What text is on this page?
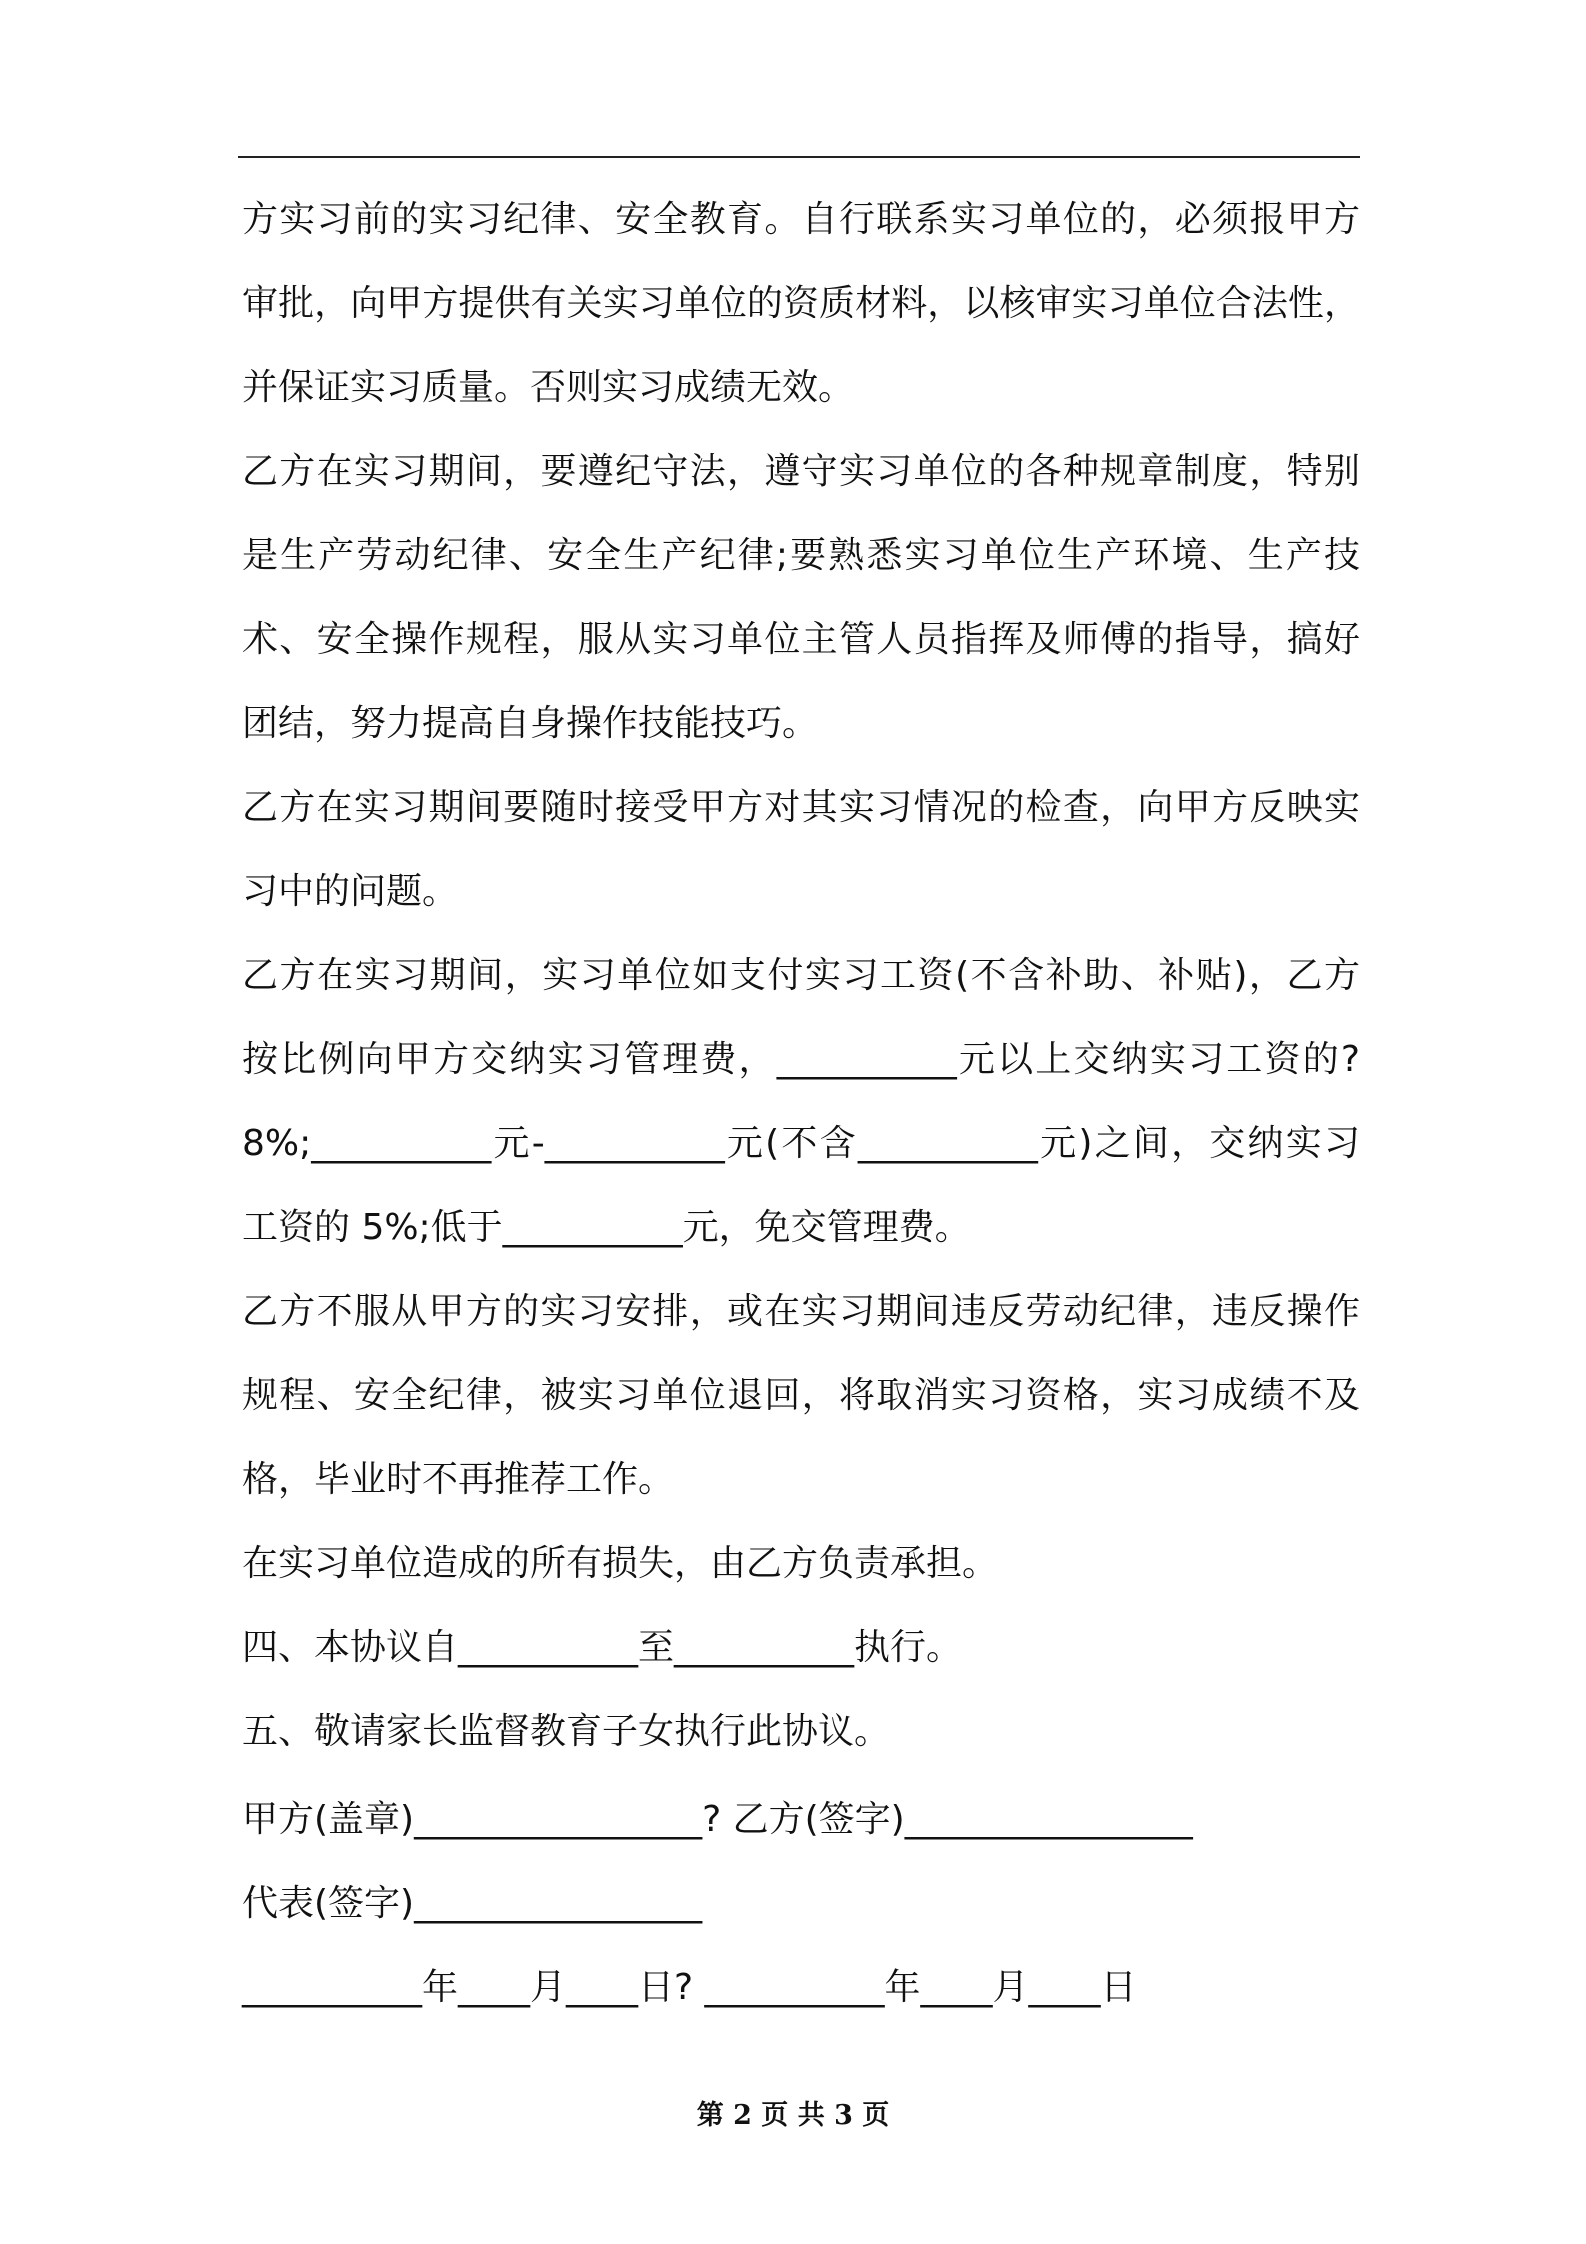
方实习前的实习纪律、安全教育。自行联系实习单位的，必须报甲方
审批，向甲方提供有关实习单位的资质材料，以核审实习单位合法性，
并保证实习质量。否则实习成绩无效。
乙方在实习期间，要遵纪守法，遵守实习单位的各种规章制度，特别
是生产劳动纪律、安全生产纪律;要熟悉实习单位生产环境、生产技
术、安全操作规程，服从实习单位主管人员指挥及师傅的指导，搞好
团结，努力提高自身操作技能技巧。
乙方在实习期间要随时接受甲方对其实习情况的检查，向甲方反映实
习中的问题。
乙方在实习期间，实习单位如支付实习工资(不含补助、补贴)，乙方
按比例向甲方交纳实习管理费，__________元以上交纳实习工资的?
8%;__________元-__________元(不含__________元)之间，交纳实习
工资的 5%;低于__________元，免交管理费。
乙方不服从甲方的实习安排，或在实习期间违反劳动纪律，违反操作
规程、安全纪律，被实习单位退回，将取消实习资格，实习成绩不及
格，毕业时不再推荐工作。
在实习单位造成的所有损失，由乙方负责承担。
四、本协议自__________至__________执行。
五、敬请家长监督教育子女执行此协议。
甲方(盖章)________________? 乙方(签字)________________
代表(签字)________________
__________年____月____日? __________年____月____日
第 2 页 共 3 页
